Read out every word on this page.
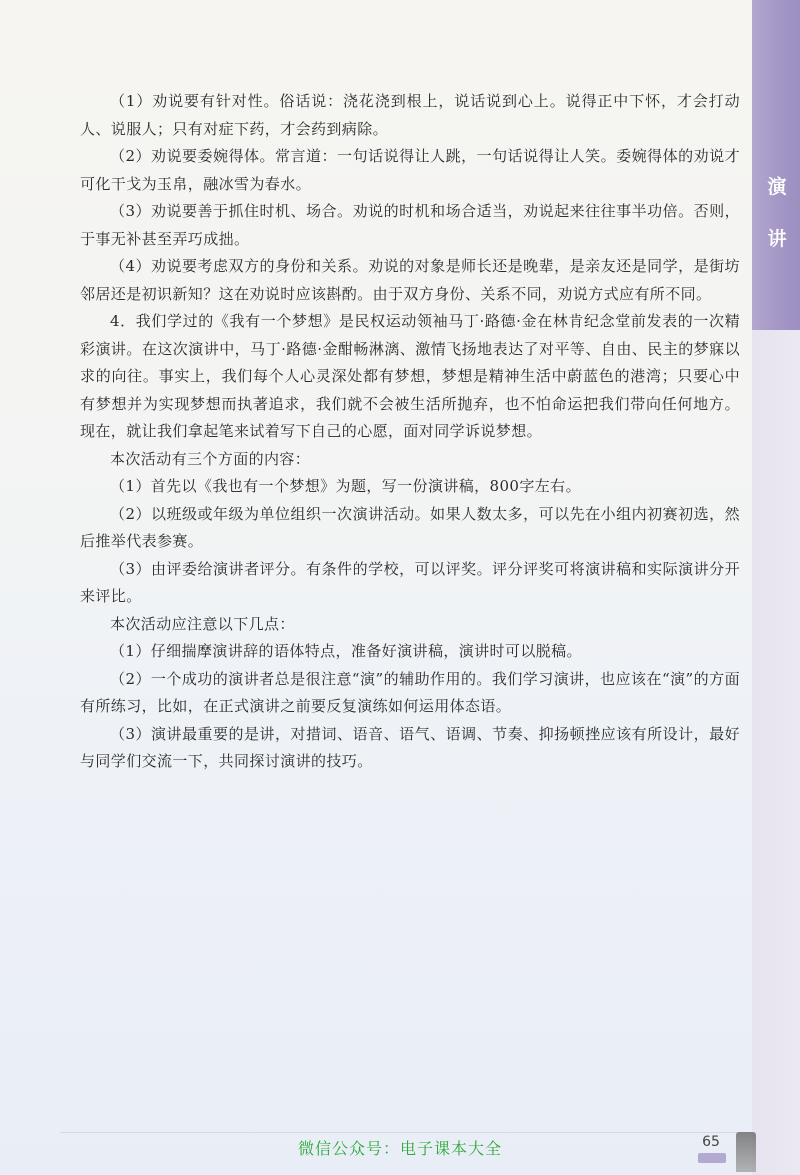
演
讲

（1）劝说要有针对性。俗话说：浇花浇到根上，说话说到心上。说得正中下怀，才会打动人、说服人；只有对症下药，才会药到病除。

（2）劝说要委婉得体。常言道：一句话说得让人跳，一句话说得让人笑。委婉得体的劝说才可化干戈为玉帛，融冰雪为春水。

（3）劝说要善于抓住时机、场合。劝说的时机和场合适当，劝说起来往往事半功倍。否则，于事无补甚至弄巧成拙。

（4）劝说要考虑双方的身份和关系。劝说的对象是师长还是晚辈，是亲友还是同学，是街坊邻居还是初识新知？这在劝说时应该斟酌。由于双方身份、关系不同，劝说方式应有所不同。

4．我们学过的《我有一个梦想》是民权运动领袖马丁·路德·金在林肯纪念堂前发表的一次精彩演讲。在这次演讲中，马丁·路德·金酣畅淋漓、激情飞扬地表达了对平等、自由、民主的梦寐以求的向往。事实上，我们每个人心灵深处都有梦想，梦想是精神生活中蔚蓝色的港湾；只要心中有梦想并为实现梦想而执著追求，我们就不会被生活所抛弃，也不怕命运把我们带向任何地方。现在，就让我们拿起笔来试着写下自己的心愿，面对同学诉说梦想。

本次活动有三个方面的内容：

（1）首先以《我也有一个梦想》为题，写一份演讲稿，800字左右。

（2）以班级或年级为单位组织一次演讲活动。如果人数太多，可以先在小组内初赛初选，然后推举代表参赛。

（3）由评委给演讲者评分。有条件的学校，可以评奖。评分评奖可将演讲稿和实际演讲分开来评比。

本次活动应注意以下几点：

（1）仔细揣摩演讲辞的语体特点，准备好演讲稿，演讲时可以脱稿。

（2）一个成功的演讲者总是很注意“演”的辅助作用的。我们学习演讲，也应该在“演”的方面有所练习，比如，在正式演讲之前要反复演练如何运用体态语。

（3）演讲最重要的是讲，对措词、语音、语气、语调、节奏、抑扬顿挫应该有所设计，最好与同学们交流一下，共同探讨演讲的技巧。

微信公众号：电子课本大全	65
